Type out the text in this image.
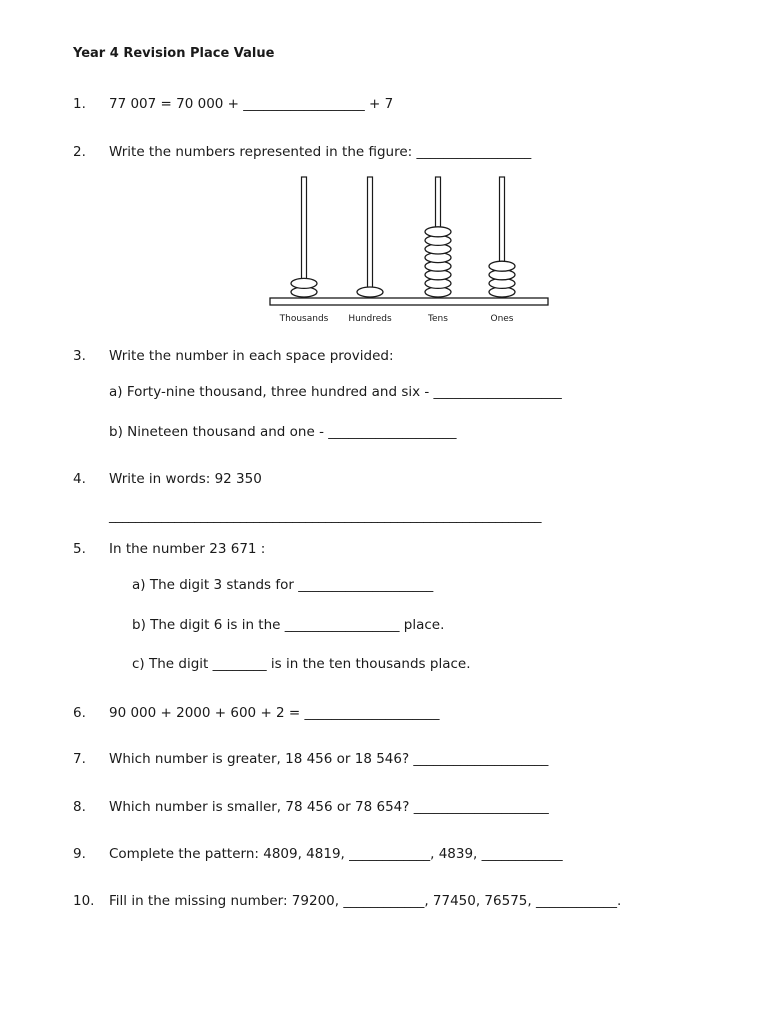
Year 4 Revision Place Value
1. 77 007 = 70 000 + __________________ + 7
2. Write the numbers represented in the figure: _________________
Thousands Hundreds	Tens	Ones
3. Write the number in each space provided:
a) Forty-nine thousand, three hundred and six - ___________________
b) Nineteen thousand and one - ___________________
4. Write in words: 92 350
__________________________________________________________________
5. In the number 23 671 :
a) The digit 3 stands for ____________________
b) The digit 6 is in the _________________ place.
c) The digit ________ is in the ten thousands place.
6. 90 000 + 2000 + 600 + 2 = ____________________
7. Which number is greater, 18 456 or 18 546? ____________________
8. Which number is smaller, 78 456 or 78 654? ____________________
9. Complete the pattern: 4809, 4819, ____________, 4839, ____________
10. Fill in the missing number: 79200, ____________, 77450, 76575, ____________.
